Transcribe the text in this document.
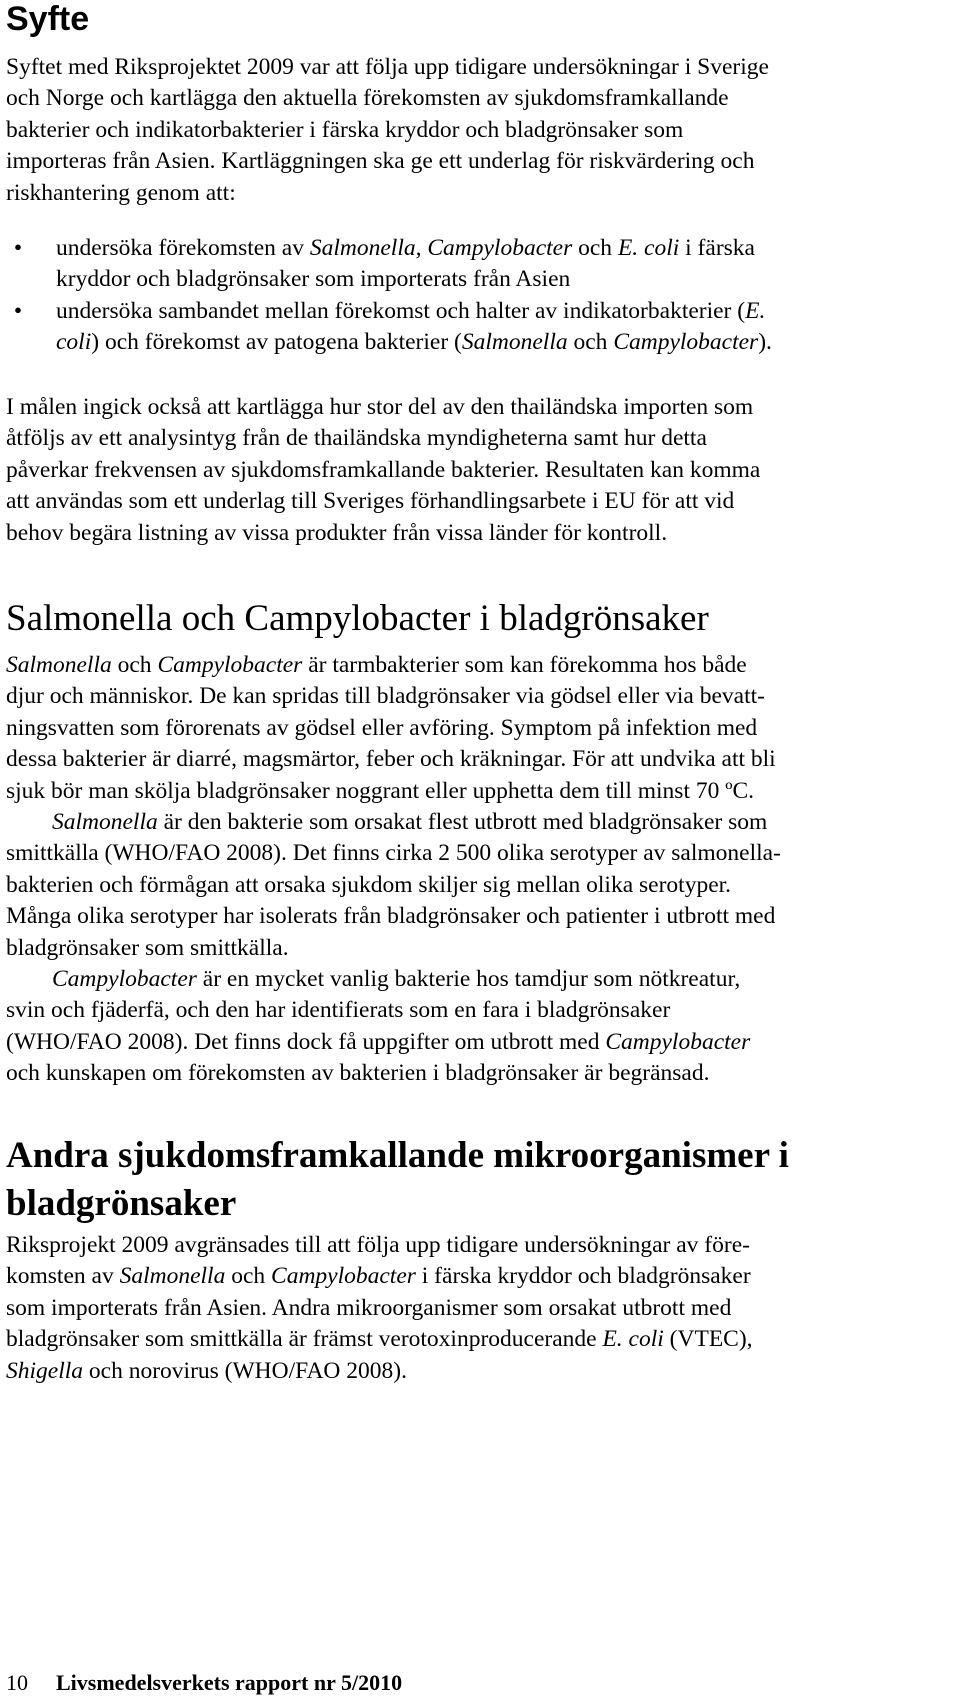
Syfte
Syftet med Riksprojektet 2009 var att följa upp tidigare undersökningar i Sverige
och Norge och kartlägga den aktuella förekomsten av sjukdomsframkallande
bakterier och indikatorbakterier i färska kryddor och bladgrönsaker som
importeras från Asien. Kartläggningen ska ge ett underlag för riskvärdering och
riskhantering genom att:
• undersöka förekomsten av Salmonella, Campylobacter och E. coli i färska
kryddor och bladgrönsaker som importerats från Asien
• undersöka sambandet mellan förekomst och halter av indikatorbakterier (E.
coli) och förekomst av patogena bakterier (Salmonella och Campylobacter).
I målen ingick också att kartlägga hur stor del av den thailändska importen som
åtföljs av ett analysintyg från de thailändska myndigheterna samt hur detta
påverkar frekvensen av sjukdomsframkallande bakterier. Resultaten kan komma
att användas som ett underlag till Sveriges förhandlingsarbete i EU för att vid
behov begära listning av vissa produkter från vissa länder för kontroll.
Salmonella och Campylobacter i bladgrönsaker
Salmonella och Campylobacter är tarmbakterier som kan förekomma hos både
djur och människor. De kan spridas till bladgrönsaker via gödsel eller via bevatt-
ningsvatten som förorenats av gödsel eller avföring. Symptom på infektion med
dessa bakterier är diarré, magsmärtor, feber och kräkningar. För att undvika att bli
sjuk bör man skölja bladgrönsaker noggrant eller upphetta dem till minst 70 ºC.
Salmonella är den bakterie som orsakat flest utbrott med bladgrönsaker som
smittkälla (WHO/FAO 2008). Det finns cirka 2 500 olika serotyper av salmonella-
bakterien och förmågan att orsaka sjukdom skiljer sig mellan olika serotyper.
Många olika serotyper har isolerats från bladgrönsaker och patienter i utbrott med
bladgrönsaker som smittkälla.
Campylobacter är en mycket vanlig bakterie hos tamdjur som nötkreatur,
svin och fjäderfä, och den har identifierats som en fara i bladgrönsaker
(WHO/FAO 2008). Det finns dock få uppgifter om utbrott med Campylobacter
och kunskapen om förekomsten av bakterien i bladgrönsaker är begränsad.
Andra sjukdomsframkallande mikroorganismer i
bladgrönsaker
Riksprojekt 2009 avgränsades till att följa upp tidigare undersökningar av före-
komsten av Salmonella och Campylobacter i färska kryddor och bladgrönsaker
som importerats från Asien. Andra mikroorganismer som orsakat utbrott med
bladgrönsaker som smittkälla är främst verotoxinproducerande E. coli (VTEC),
Shigella och norovirus (WHO/FAO 2008).
10 Livsmedelsverkets rapport nr 5/2010
